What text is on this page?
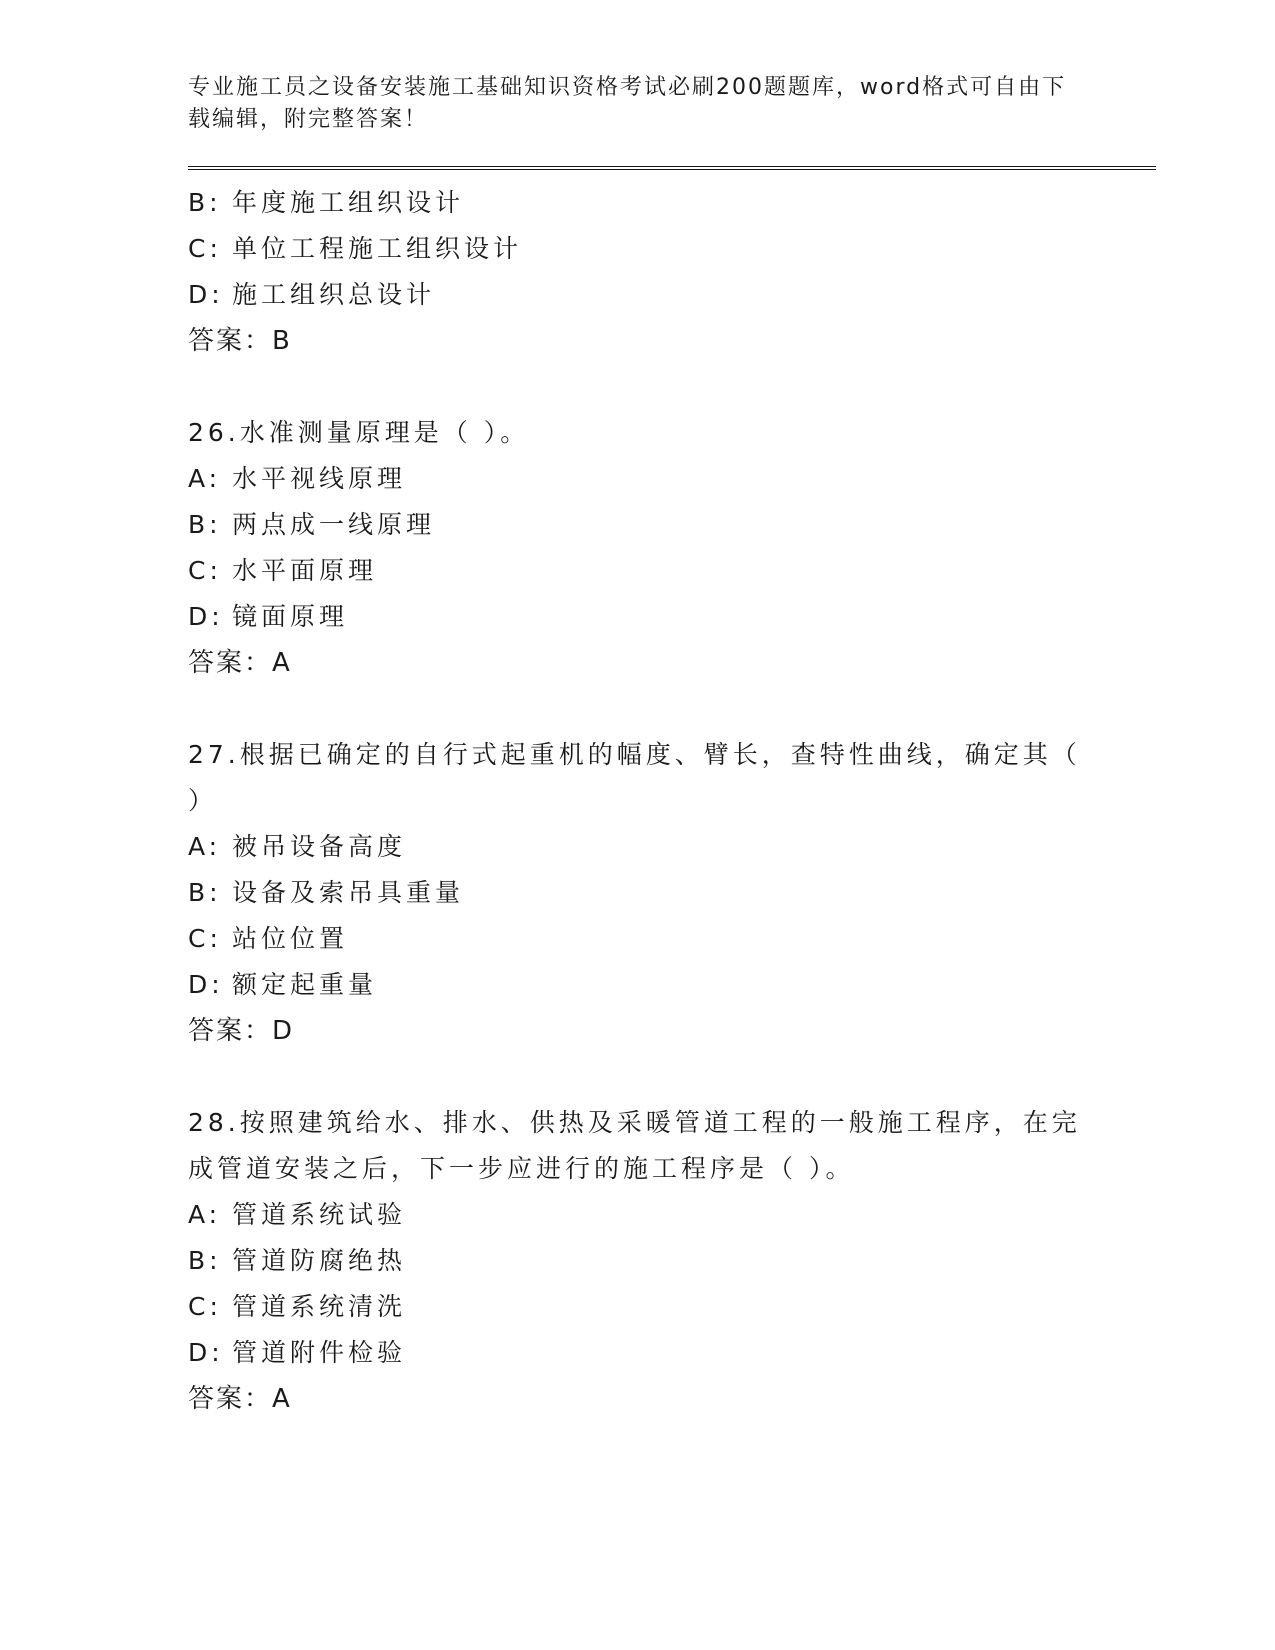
专业施工员之设备安装施工基础知识资格考试必刷200题题库，word格式可自由下载编辑，附完整答案！

B: 年度施工组织设计

C: 单位工程施工组织设计

D: 施工组织总设计

答案：B

26.水准测量原理是（ ）。

A: 水平视线原理

B: 两点成一线原理

C: 水平面原理

D: 镜面原理

答案：A

27.根据已确定的自行式起重机的幅度、臂长，查特性曲线，确定其（ ）

A: 被吊设备高度

B: 设备及索吊具重量

C: 站位位置

D: 额定起重量

答案：D

28.按照建筑给水、排水、供热及采暖管道工程的一般施工程序，在完成管道安装之后，下一步应进行的施工程序是（ ）。

A: 管道系统试验

B: 管道防腐绝热

C: 管道系统清洗

D: 管道附件检验

答案：A
